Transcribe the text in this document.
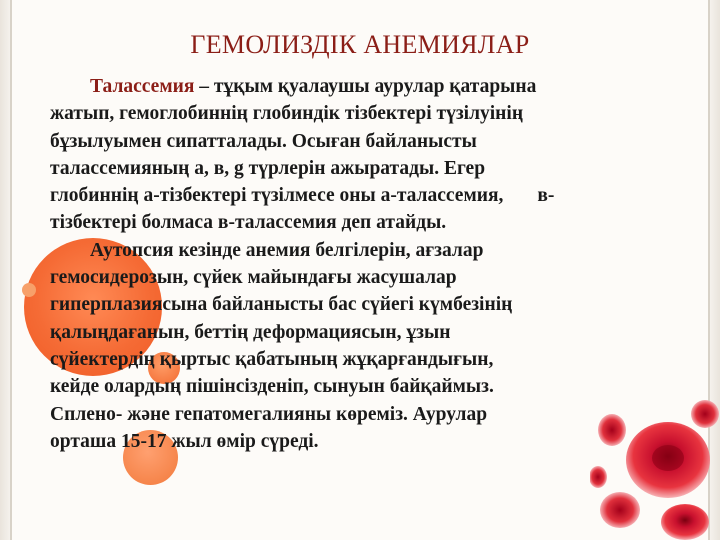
ГЕМОЛИЗДІК АНЕМИЯЛАР

Талассемия – тұқым қуалаушы аурулар қатарына
жатып, гемоглобиннің глобиндік тізбектері түзілуінің
бұзылуымен сипатталады. Осыған байланысты
талассемияның а, в, g түрлерін ажыратады. Егер
глобиннің а-тізбектері түзілмесе оны а-талассемия, в-
тізбектері болмаса в-талассемия деп атайды.

Аутопсия кезінде анемия белгілерін, ағзалар
гемосидерозын, сүйек майындағы жасушалар
гиперплазиясына байланысты бас сүйегі күмбезінің
қалыңдағанын, беттің деформациясын, ұзын
сүйектердің қыртыс қабатының жұқарғандығын,
кейде олардың пішінсізденіп, сынуын байқаймыз.
Спленo- және гепатомегалияны көреміз. Аурулар
орташа 15-17 жыл өмір сүреді.
